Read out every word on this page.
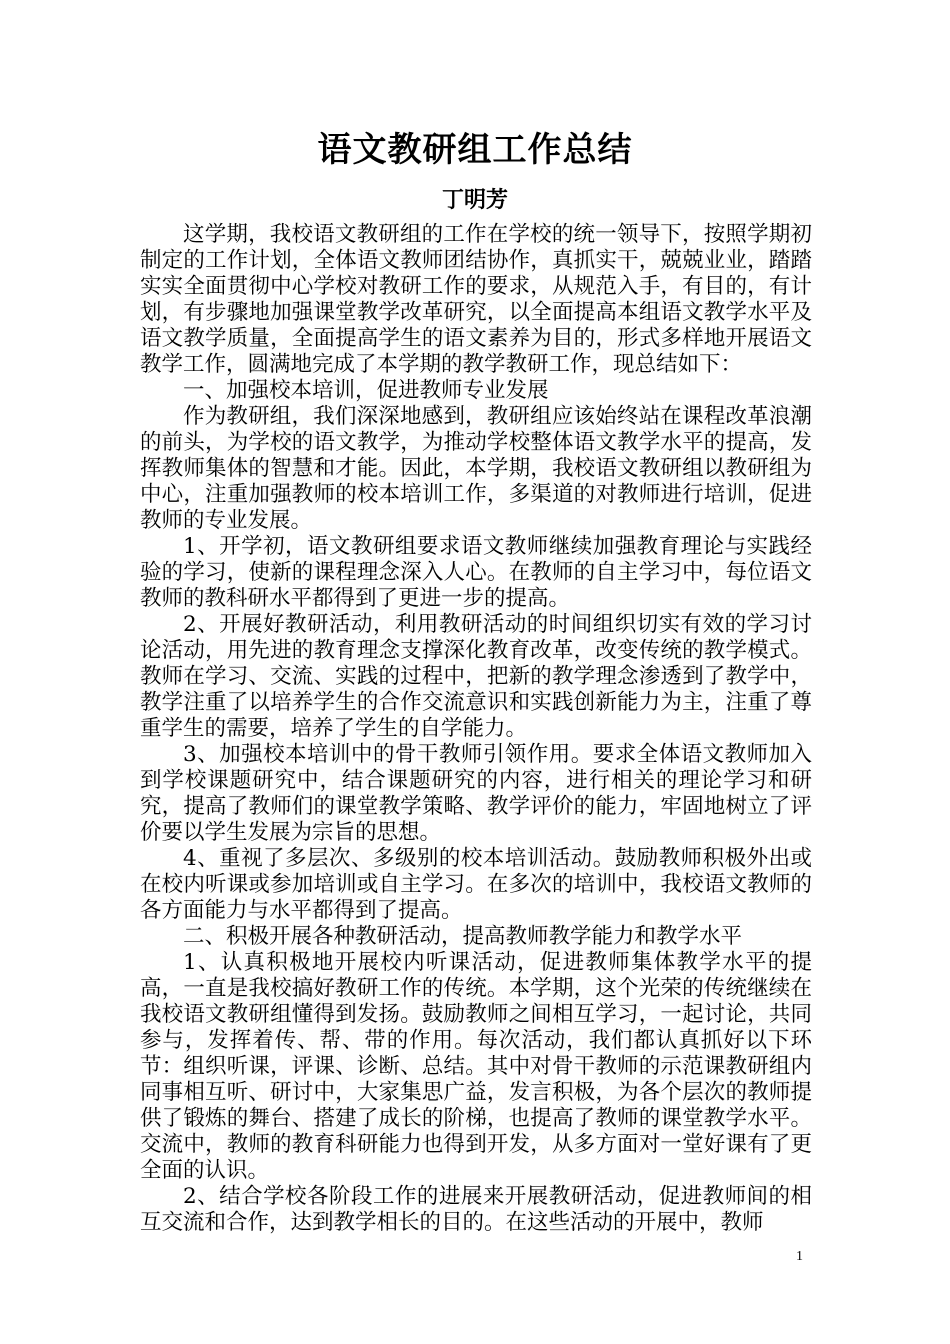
语文教研组工作总结
丁明芳

这学期，我校语文教研组的工作在学校的统一领导下，按照学期初制定的工作计划，全体语文教师团结协作，真抓实干，兢兢业业，踏踏实实全面贯彻中心学校对教研工作的要求，从规范入手，有目的，有计划，有步骤地加强课堂教学改革研究，以全面提高本组语文教学水平及语文教学质量，全面提高学生的语文素养为目的，形式多样地开展语文教学工作，圆满地完成了本学期的教学教研工作，现总结如下：

一、加强校本培训，促进教师专业发展

作为教研组，我们深深地感到，教研组应该始终站在课程改革浪潮的前头，为学校的语文教学，为推动学校整体语文教学水平的提高，发挥教师集体的智慧和才能。因此，本学期，我校语文教研组以教研组为中心，注重加强教师的校本培训工作，多渠道的对教师进行培训，促进教师的专业发展。

1、开学初，语文教研组要求语文教师继续加强教育理论与实践经验的学习，使新的课程理念深入人心。在教师的自主学习中，每位语文教师的教科研水平都得到了更进一步的提高。

2、开展好教研活动，利用教研活动的时间组织切实有效的学习讨论活动，用先进的教育理念支撑深化教育改革，改变传统的教学模式。教师在学习、交流、实践的过程中，把新的教学理念渗透到了教学中，教学注重了以培养学生的合作交流意识和实践创新能力为主，注重了尊重学生的需要，培养了学生的自学能力。

3、加强校本培训中的骨干教师引领作用。要求全体语文教师加入到学校课题研究中，结合课题研究的内容，进行相关的理论学习和研究，提高了教师们的课堂教学策略、教学评价的能力，牢固地树立了评价要以学生发展为宗旨的思想。

4、重视了多层次、多级别的校本培训活动。鼓励教师积极外出或在校内听课或参加培训或自主学习。在多次的培训中，我校语文教师的各方面能力与水平都得到了提高。

二、积极开展各种教研活动，提高教师教学能力和教学水平

1、认真积极地开展校内听课活动，促进教师集体教学水平的提高，一直是我校搞好教研工作的传统。本学期，这个光荣的传统继续在我校语文教研组懂得到发扬。鼓励教师之间相互学习，一起讨论，共同参与，发挥着传、帮、带的作用。每次活动，我们都认真抓好以下环节：组织听课，评课、诊断、总结。其中对骨干教师的示范课教研组内同事相互听、研讨中，大家集思广益，发言积极，为各个层次的教师提供了锻炼的舞台、搭建了成长的阶梯，也提高了教师的课堂教学水平。交流中，教师的教育科研能力也得到开发，从多方面对一堂好课有了更全面的认识。

2、结合学校各阶段工作的进展来开展教研活动，促进教师间的相互交流和合作，达到教学相长的目的。在这些活动的开展中，教师

1
